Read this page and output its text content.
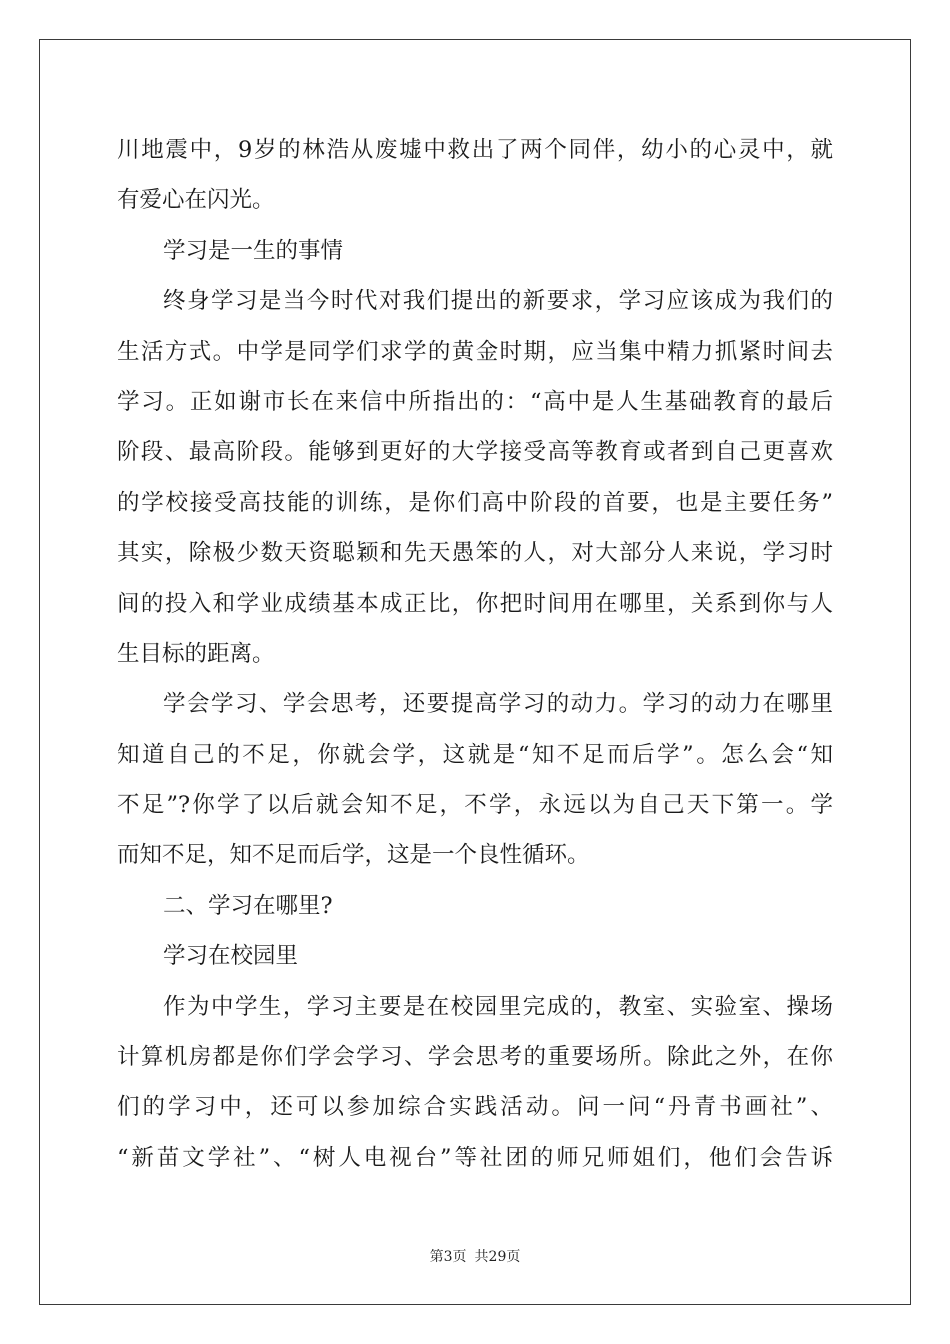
川地震中，9岁的林浩从废墟中救出了两个同伴，幼小的心灵中，就
有爱心在闪光。
学习是一生的事情
终身学习是当今时代对我们提出的新要求，学习应该成为我们的
生活方式。中学是同学们求学的黄金时期，应当集中精力抓紧时间去
学习。正如谢市长在来信中所指出的：“高中是人生基础教育的最后
阶段、最高阶段。能够到更好的大学接受高等教育或者到自己更喜欢
的学校接受高技能的训练，是你们高中阶段的首要，也是主要任务”
其实，除极少数天资聪颖和先天愚笨的人，对大部分人来说，学习时
间的投入和学业成绩基本成正比，你把时间用在哪里，关系到你与人
生目标的距离。
学会学习、学会思考，还要提高学习的动力。学习的动力在哪里
知道自己的不足，你就会学，这就是“知不足而后学”。怎么会“知
不足”?你学了以后就会知不足，不学，永远以为自己天下第一。学
而知不足，知不足而后学，这是一个良性循环。
二、学习在哪里?
学习在校园里
作为中学生，学习主要是在校园里完成的，教室、实验室、操场
计算机房都是你们学会学习、学会思考的重要场所。除此之外，在你
们的学习中，还可以参加综合实践活动。问一问“丹青书画社”、
“新苗文学社”、“树人电视台”等社团的师兄师姐们，他们会告诉
第3页 共29页
